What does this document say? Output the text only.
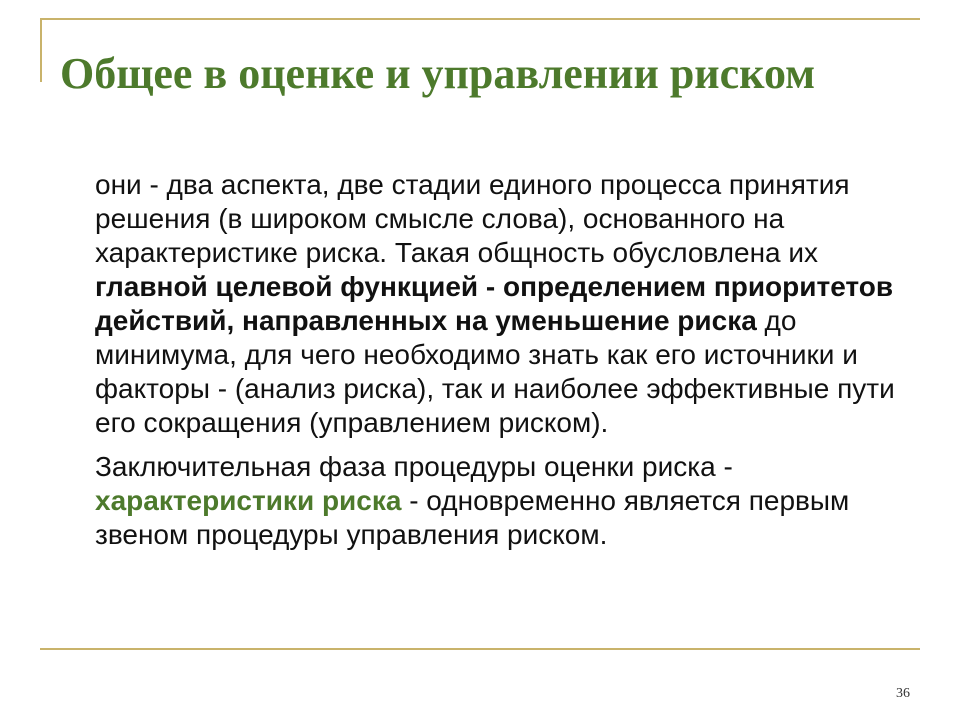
Общее в оценке и управлении риском

они - два аспекта, две стадии единого процесса принятия решения (в широком смысле слова), основанного на характеристике риска. Такая общность обусловлена их главной целевой функцией - определением приоритетов действий, направленных на уменьшение риска до минимума, для чего необходимо знать как его источники и факторы - (анализ риска), так и наиболее эффективные пути его сокращения (управлением риском).

Заключительная фаза процедуры оценки риска - характеристики риска - одновременно является первым звеном процедуры управления риском.

36
